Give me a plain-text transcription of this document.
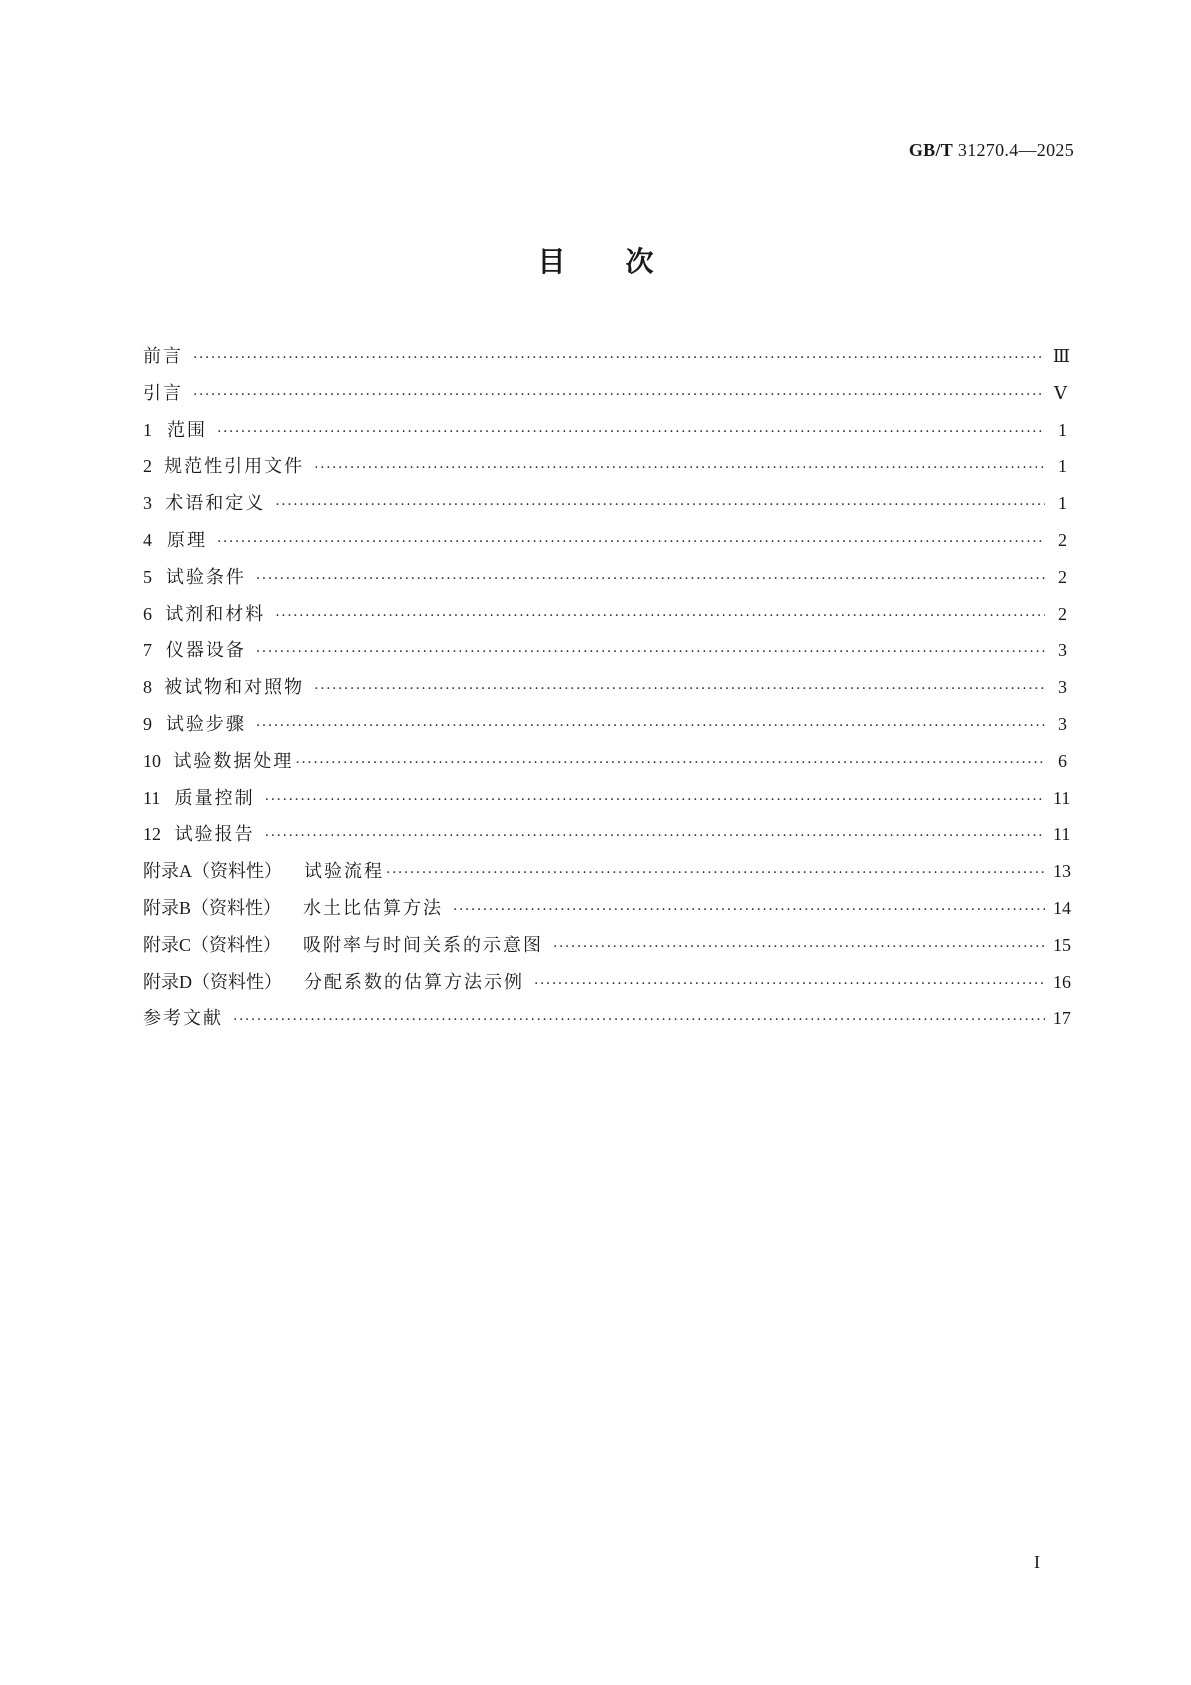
GB/T 31270.4—2025
目次
前言 ·····	Ⅲ
引言 ·····	Ⅴ
1 范围 ·····	1
2 规范性引用文件 ·····	1
3 术语和定义 ·····	1
4 原理 ·····	2
5 试验条件 ·····	2
6 试剂和材料 ·····	2
7 仪器设备 ·····	3
8 被试物和对照物 ·····	3
9 试验步骤 ·····	3
10 试验数据处理 ·····	6
11 质量控制 ·····	11
12 试验报告 ·····	11
附录A（资料性） 试验流程 ·····	13
附录B（资料性） 水土比估算方法 ·····	14
附录C（资料性） 吸附率与时间关系的示意图 ·····	15
附录D（资料性） 分配系数的估算方法示例 ·····	16
参考文献 ·····	17
I
